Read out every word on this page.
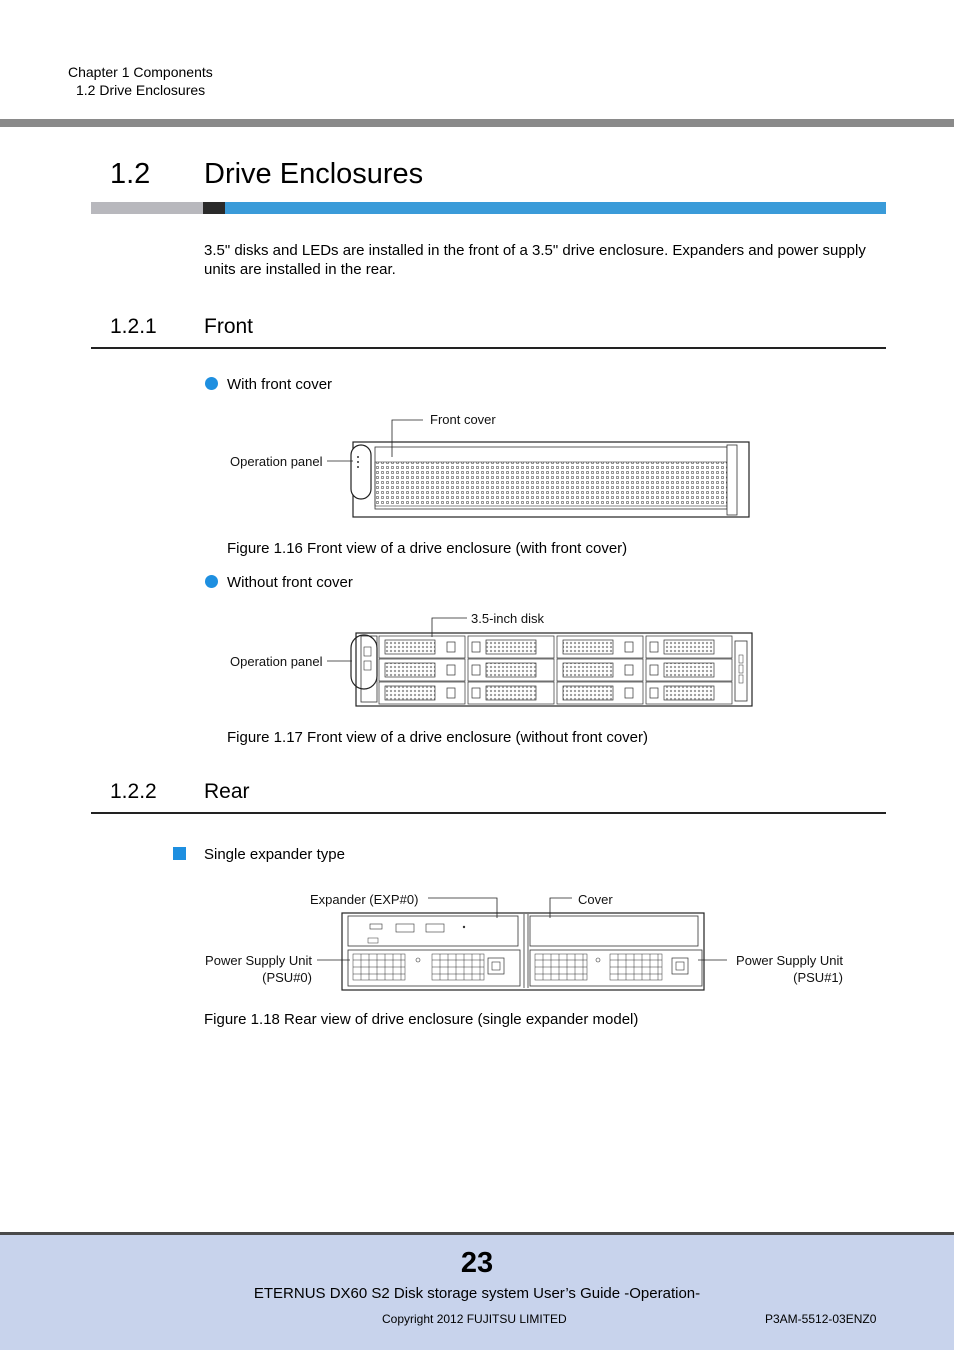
Chapter 1 Components
1.2 Drive Enclosures
1.2 Drive Enclosures
3.5" disks and LEDs are installed in the front of a 3.5" drive enclosure. Expanders and power supply units are installed in the rear.
1.2.1 Front
With front cover
Front cover
Operation panel
Figure 1.16 Front view of a drive enclosure (with front cover)
Without front cover
3.5-inch disk
Operation panel
Figure 1.17 Front view of a drive enclosure (without front cover)
1.2.2 Rear
Single expander type
Expander (EXP#0)	Cover
Power Supply Unit
(PSU#0)
Power Supply Unit
(PSU#1)
Figure 1.18 Rear view of drive enclosure (single expander model)
23
ETERNUS DX60 S2 Disk storage system User’s Guide -Operation-
Copyright 2012 FUJITSU LIMITED	P3AM-5512-03ENZ0
